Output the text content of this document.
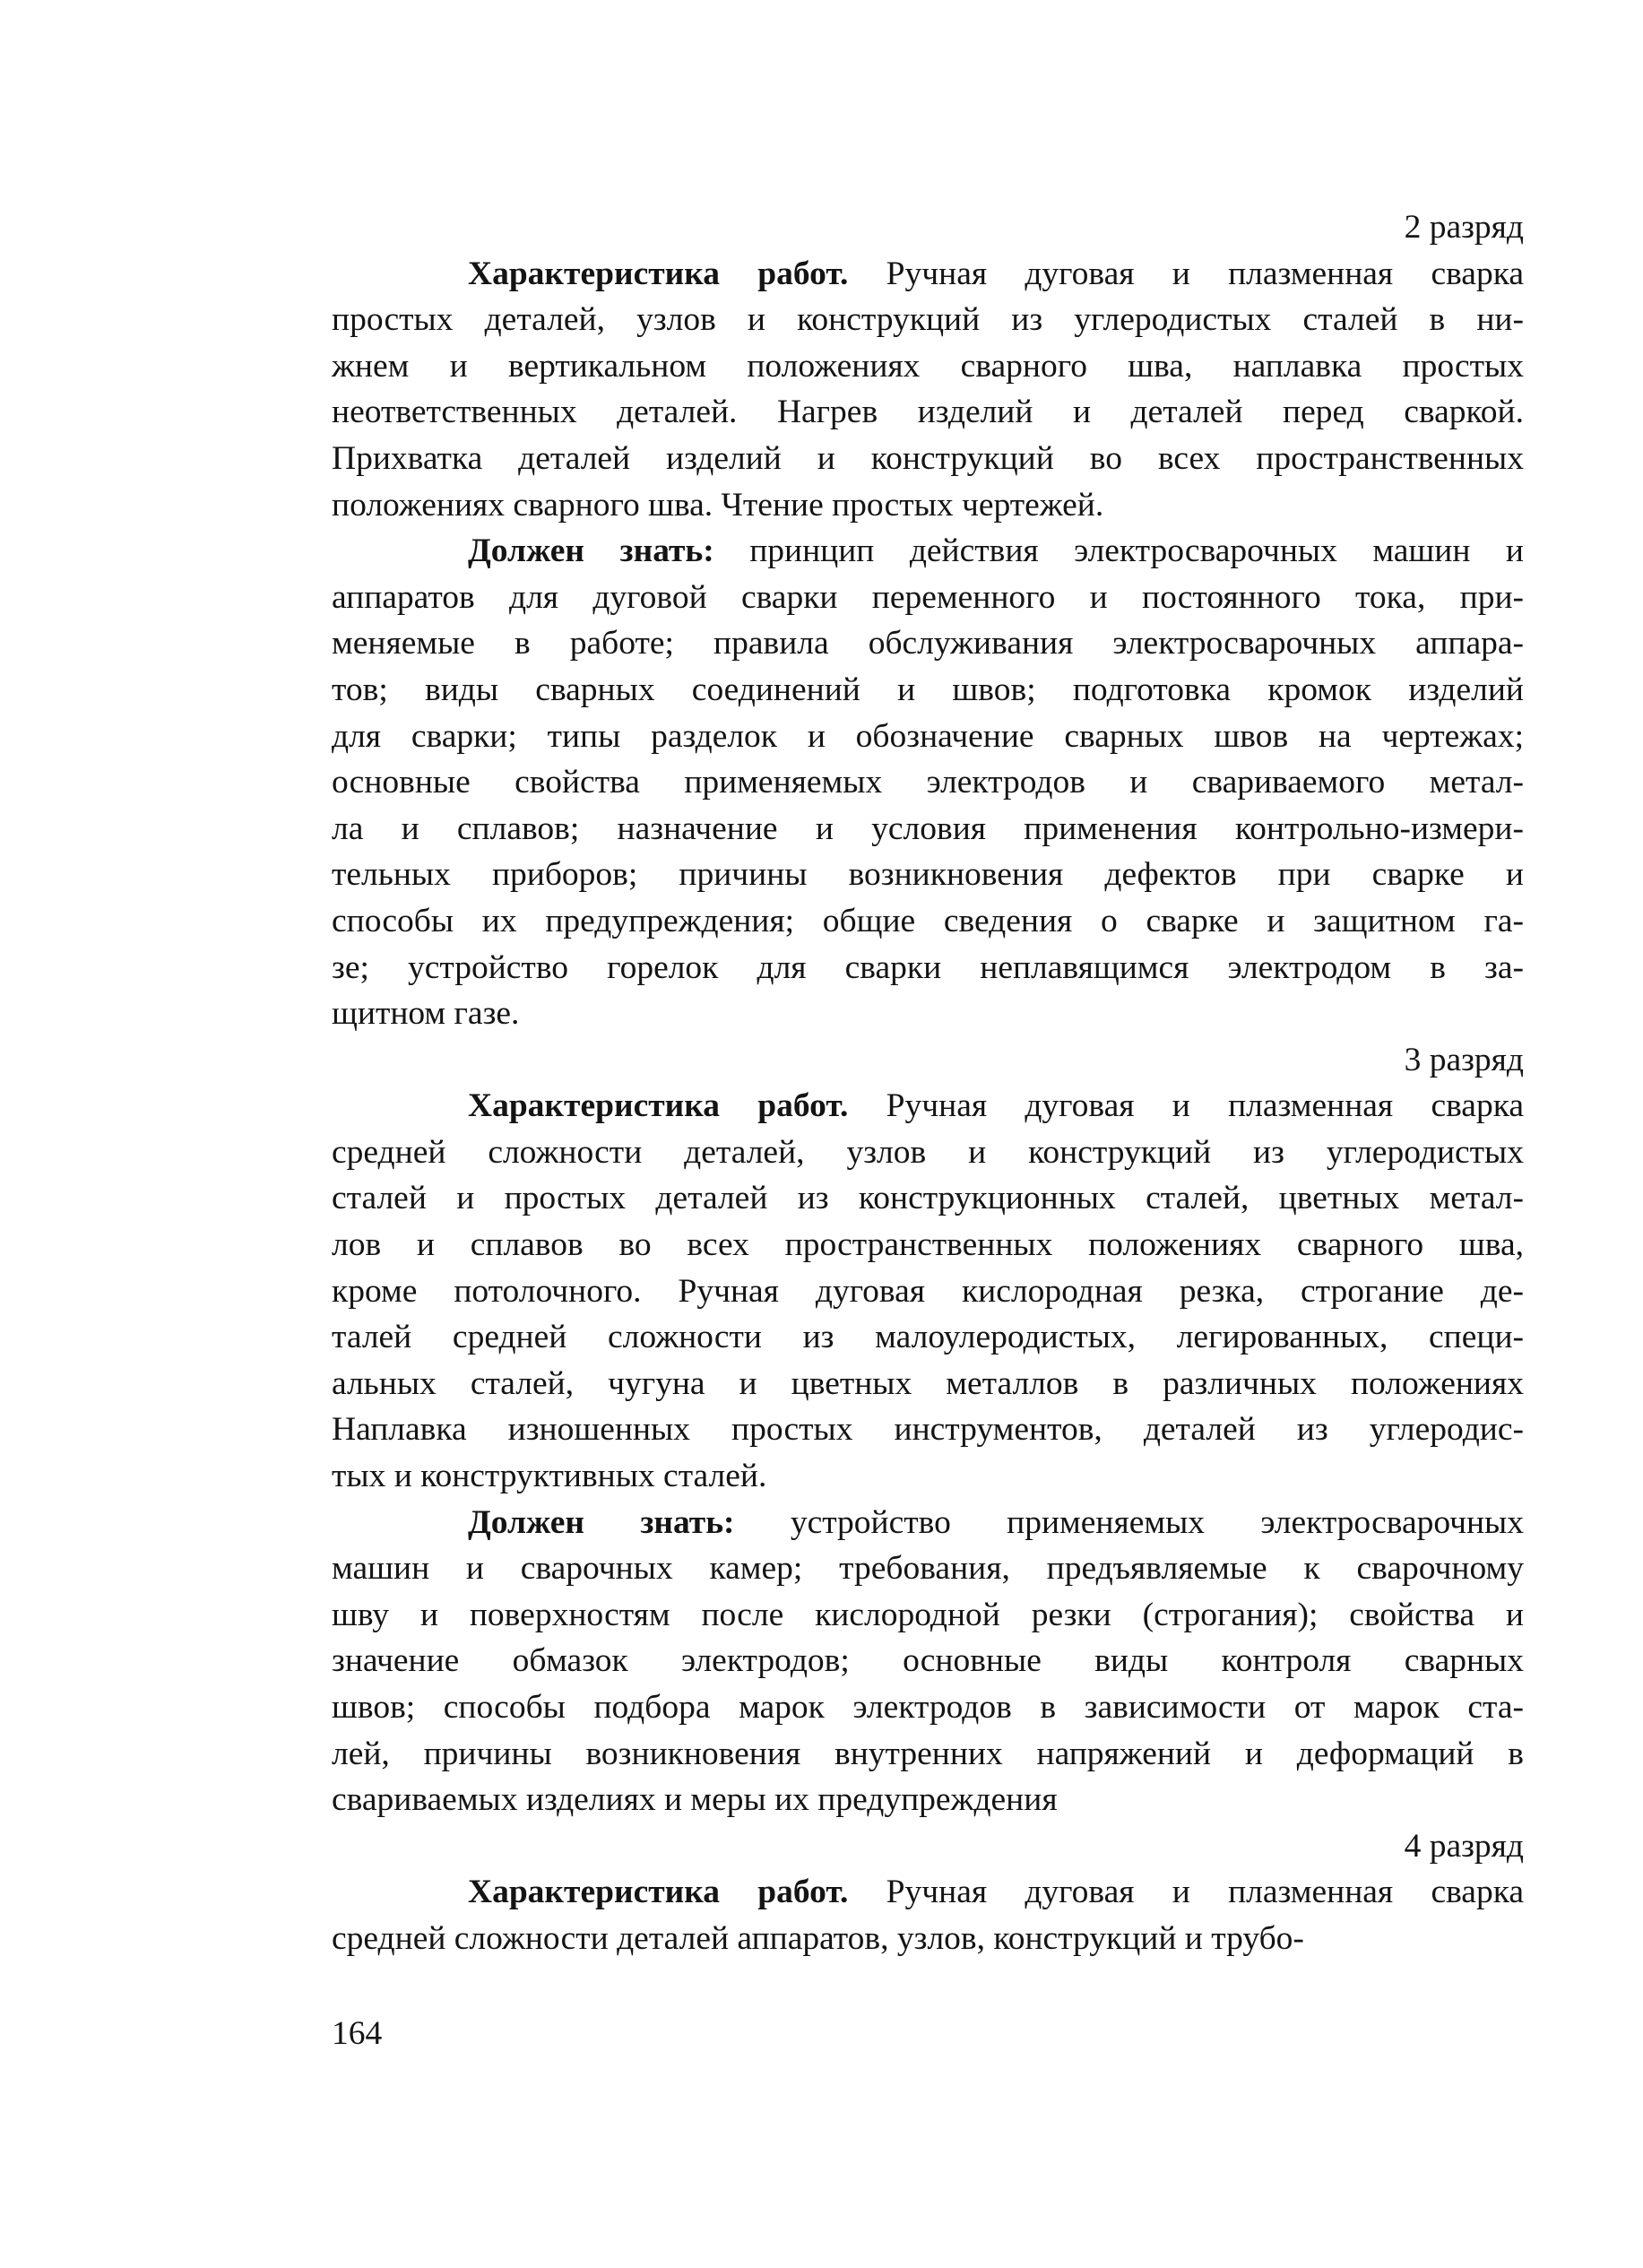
2 разряд

Характеристика работ. Ручная дуговая и плазменная сварка
простых деталей, узлов и конструкций из углеродистых сталей в ни-
жнем и вертикальном положениях сварного шва, наплавка простых
неответственных деталей. Нагрев изделий и деталей перед сваркой.
Прихватка деталей изделий и конструкций во всех пространственных
положениях сварного шва. Чтение простых чертежей.
Должен знать: принцип действия электросварочных машин и
аппаратов для дуговой сварки переменного и постоянного тока, при-
меняемые в работе; правила обслуживания электросварочных аппара-
тов; виды сварных соединений и швов; подготовка кромок изделий
для сварки; типы разделок и обозначение сварных швов на чертежах;
основные свойства применяемых электродов и свариваемого метал-
ла и сплавов; назначение и условия применения контрольно-измери-
тельных приборов; причины возникновения дефектов при сварке и
способы их предупреждения; общие сведения о сварке и защитном га-
зе; устройство горелок для сварки неплавящимся электродом в за-
щитном газе.

3 разряд

Характеристика работ. Ручная дуговая и плазменная сварка
средней сложности деталей, узлов и конструкций из углеродистых
сталей и простых деталей из конструкционных сталей, цветных метал-
лов и сплавов во всех пространственных положениях сварного шва,
кроме потолочного. Ручная дуговая кислородная резка, строгание де-
талей средней сложности из малоулеродистых, легированных, специ-
альных сталей, чугуна и цветных металлов в различных положениях
Наплавка изношенных простых инструментов, деталей из углеродис-
тых и конструктивных сталей.
Должен знать: устройство применяемых электросварочных
машин и сварочных камер; требования, предъявляемые к сварочному
шву и поверхностям после кислородной резки (строгания); свойства и
значение обмазок электродов; основные виды контроля сварных
швов; способы подбора марок электродов в зависимости от марок ста-
лей, причины возникновения внутренних напряжений и деформаций в
свариваемых изделиях и меры их предупреждения

4 разряд

Характеристика работ. Ручная дуговая и плазменная сварка
средней сложности деталей аппаратов, узлов, конструкций и трубо-
164
